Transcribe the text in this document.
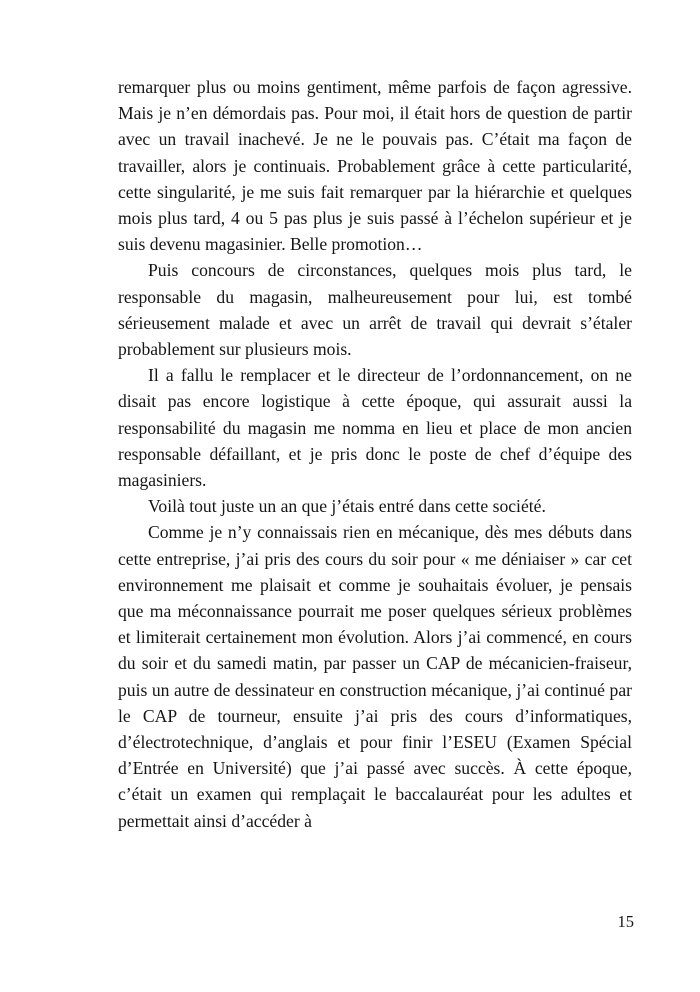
remarquer plus ou moins gentiment, même parfois de façon agressive. Mais je n’en démordais pas. Pour moi, il était hors de question de partir avec un travail inachevé. Je ne le pouvais pas. C’était ma façon de travailler, alors je continuais. Probablement grâce à cette particularité, cette singularité, je me suis fait remarquer par la hiérarchie et quelques mois plus tard, 4 ou 5 pas plus je suis passé à l’échelon supérieur et je suis devenu magasinier. Belle promotion…

Puis concours de circonstances, quelques mois plus tard, le responsable du magasin, malheureusement pour lui, est tombé sérieusement malade et avec un arrêt de travail qui devrait s’étaler probablement sur plusieurs mois.

Il a fallu le remplacer et le directeur de l’ordonnancement, on ne disait pas encore logistique à cette époque, qui assurait aussi la responsabilité du magasin me nomma en lieu et place de mon ancien responsable défaillant, et je pris donc le poste de chef d’équipe des magasiniers.

Voilà tout juste un an que j’étais entré dans cette société.

Comme je n’y connaissais rien en mécanique, dès mes débuts dans cette entreprise, j’ai pris des cours du soir pour « me déniaiser » car cet environnement me plaisait et comme je souhaitais évoluer, je pensais que ma méconnaissance pourrait me poser quelques sérieux problèmes et limiterait certainement mon évolution. Alors j’ai commencé, en cours du soir et du samedi matin, par passer un CAP de mécanicien-fraiseur, puis un autre de dessinateur en construction mécanique, j’ai continué par le CAP de tourneur, ensuite j’ai pris des cours d’informatiques, d’électrotechnique, d’anglais et pour finir l’ESEU (Examen Spécial d’Entrée en Université) que j’ai passé avec succès. À cette époque, c’était un examen qui remplaçait le baccalauréat pour les adultes et permettait ainsi d’accéder à

15
